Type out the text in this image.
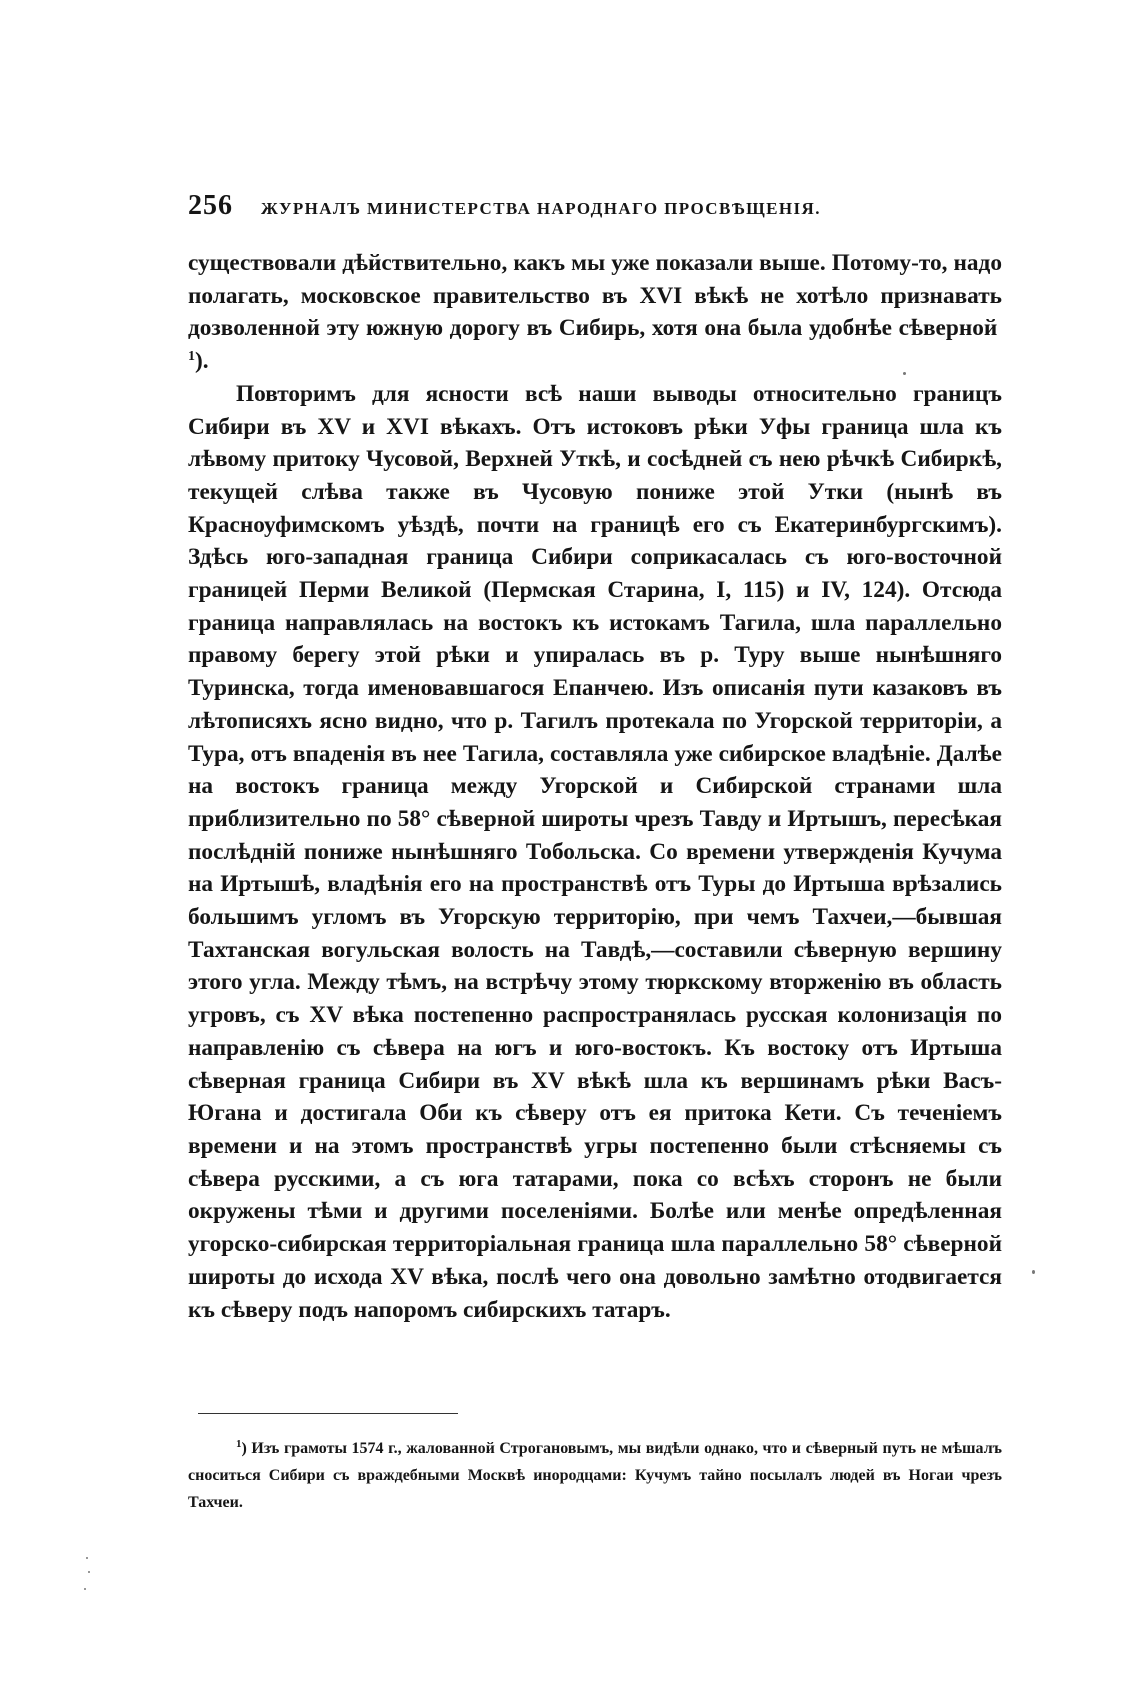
256 ЖУРНАЛЪ МИНИСТЕРСТВА НАРОДНАГО ПРОСВѢЩЕНІЯ.

существовали дѣйствительно, какъ мы уже показали выше. Потому-то, надо полагать, московское правительство въ XVI вѣкѣ не хотѣло признавать дозволенной эту южную дорогу въ Сибирь, хотя она была удобнѣе сѣверной $^1$).

Повторимъ для ясности всѣ наши выводы относительно границъ Сибири въ XV и XVI вѣкахъ. Отъ истоковъ рѣки Уфы граница шла къ лѣвому притоку Чусовой, Верхней Уткѣ, и сосѣдней съ нею рѣчкѣ Сибиркѣ, текущей слѣва также въ Чусовую пониже этой Утки (нынѣ въ Красноуфимскомъ уѣздѣ, почти на границѣ его съ Екатеринбургскимъ). Здѣсь юго-западная граница Сибири соприкасалась съ юго-восточной границей Перми Великой (Пермская Старина, I, 115) и IV, 124). Отсюда граница направлялась на востокъ къ истокамъ Тагила, шла параллельно правому берегу этой рѣки и упиралась въ р. Туру выше нынѣшняго Туринска, тогда именовавшагося Епанчею. Изъ описанія пути казаковъ въ лѣтописяхъ ясно видно, что р. Тагилъ протекала по Угорской территоріи, а Тура, отъ впаденія въ нее Тагила, составляла уже сибирское владѣніе. Далѣе на востокъ граница между Угорской и Сибирской странами шла приблизительно по 58° сѣверной широты чрезъ Тавду и Иртышъ, пересѣкая послѣдній пониже нынѣшняго Тобольска. Со времени утвержденія Кучума на Иртышѣ, владѣнія его на пространствѣ отъ Туры до Иртыша врѣзались большимъ угломъ въ Угорскую территорію, при чемъ Тахчеи,—бывшая Тахтанская вогульская волость на Тавдѣ,—составили сѣверную вершину этого угла. Между тѣмъ, на встрѣчу этому тюркскому вторженію въ область угровъ, съ XV вѣка постепенно распространялась русская колонизація по направленію съ сѣвера на югъ и юго-востокъ. Къ востоку отъ Иртыша сѣверная граница Сибири въ XV вѣкѣ шла къ вершинамъ рѣки Васъ-Югана и достигала Оби къ сѣверу отъ ея притока Кети. Съ теченіемъ времени и на этомъ пространствѣ угры постепенно были стѣсняемы съ сѣвера русскими, а съ юга татарами, пока со всѣхъ сторонъ не были окружены тѣми и другими поселеніями. Болѣе или менѣе опредѣленная угорско-сибирская территоріальная граница шла параллельно 58° сѣверной широты до исхода XV вѣка, послѣ чего она довольно замѣтно отодвигается къ сѣверу подъ напоромъ сибирскихъ татаръ.

$^1$) Изъ грамоты 1574 г., жалованной Строгановымъ, мы видѣли однако, что и сѣверный путь не мѣшалъ сноситься Сибири съ враждебными Москвѣ инородцами: Кучумъ тайно посылалъ людей въ Ногаи чрезъ Тахчеи.
